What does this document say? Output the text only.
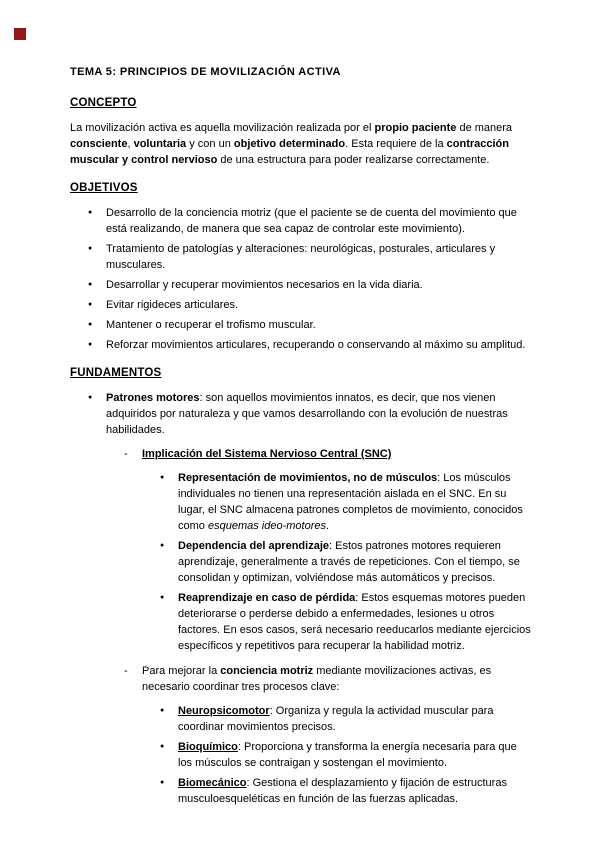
TEMA 5: PRINCIPIOS DE MOVILIZACIÓN ACTIVA
CONCEPTO

La movilización activa es aquella movilización realizada por el propio paciente de manera consciente, voluntaria y con un objetivo determinado. Esta requiere de la contracción muscular y control nervioso de una estructura para poder realizarse correctamente.

OBJETIVOS
●	Desarrollo de la conciencia motriz (que el paciente se de cuenta del movimiento que está realizando, de manera que sea capaz de controlar este movimiento).
●	Tratamiento de patologías y alteraciones: neurológicas, posturales, articulares y musculares.
●	Desarrollar y recuperar movimientos necesarios en la vida diaria.
●	Evitar rigideces articulares.
●	Mantener o recuperar el trofismo muscular.
●	Reforzar movimientos articulares, recuperando o conservando al máximo su amplitud.
FUNDAMENTOS
●	Patrones motores: son aquellos movimientos innatos, es decir, que nos vienen adquiridos por naturaleza y que vamos desarrollando con la evolución de nuestras habilidades.
-	Implicación del Sistema Nervioso Central (SNC)
●	Representación de movimientos, no de músculos: Los músculos individuales no tienen una representación aislada en el SNC. En su lugar, el SNC almacena patrones completos de movimiento, conocidos como esquemas ideo-motores.
●	Dependencia del aprendizaje: Estos patrones motores requieren aprendizaje, generalmente a través de repeticiones. Con el tiempo, se consolidan y optimizan, volviéndose más automáticos y precisos.
●	Reaprendizaje en caso de pérdida: Estos esquemas motores pueden deteriorarse o perderse debido a enfermedades, lesiones u otros factores. En esos casos, será necesario reeducarlos mediante ejercicios específicos y repetitivos para recuperar la habilidad motriz.
-	Para mejorar la conciencia motriz mediante movilizaciones activas, es necesario coordinar tres procesos clave:
●	Neuropsicomotor: Organiza y regula la actividad muscular para coordinar movimientos precisos.
●	Bioquímico: Proporciona y transforma la energía necesaria para que los músculos se contraigan y sostengan el movimiento.
●	Biomecánico: Gestiona el desplazamiento y fijación de estructuras musculoesqueléticas en función de las fuerzas aplicadas.
